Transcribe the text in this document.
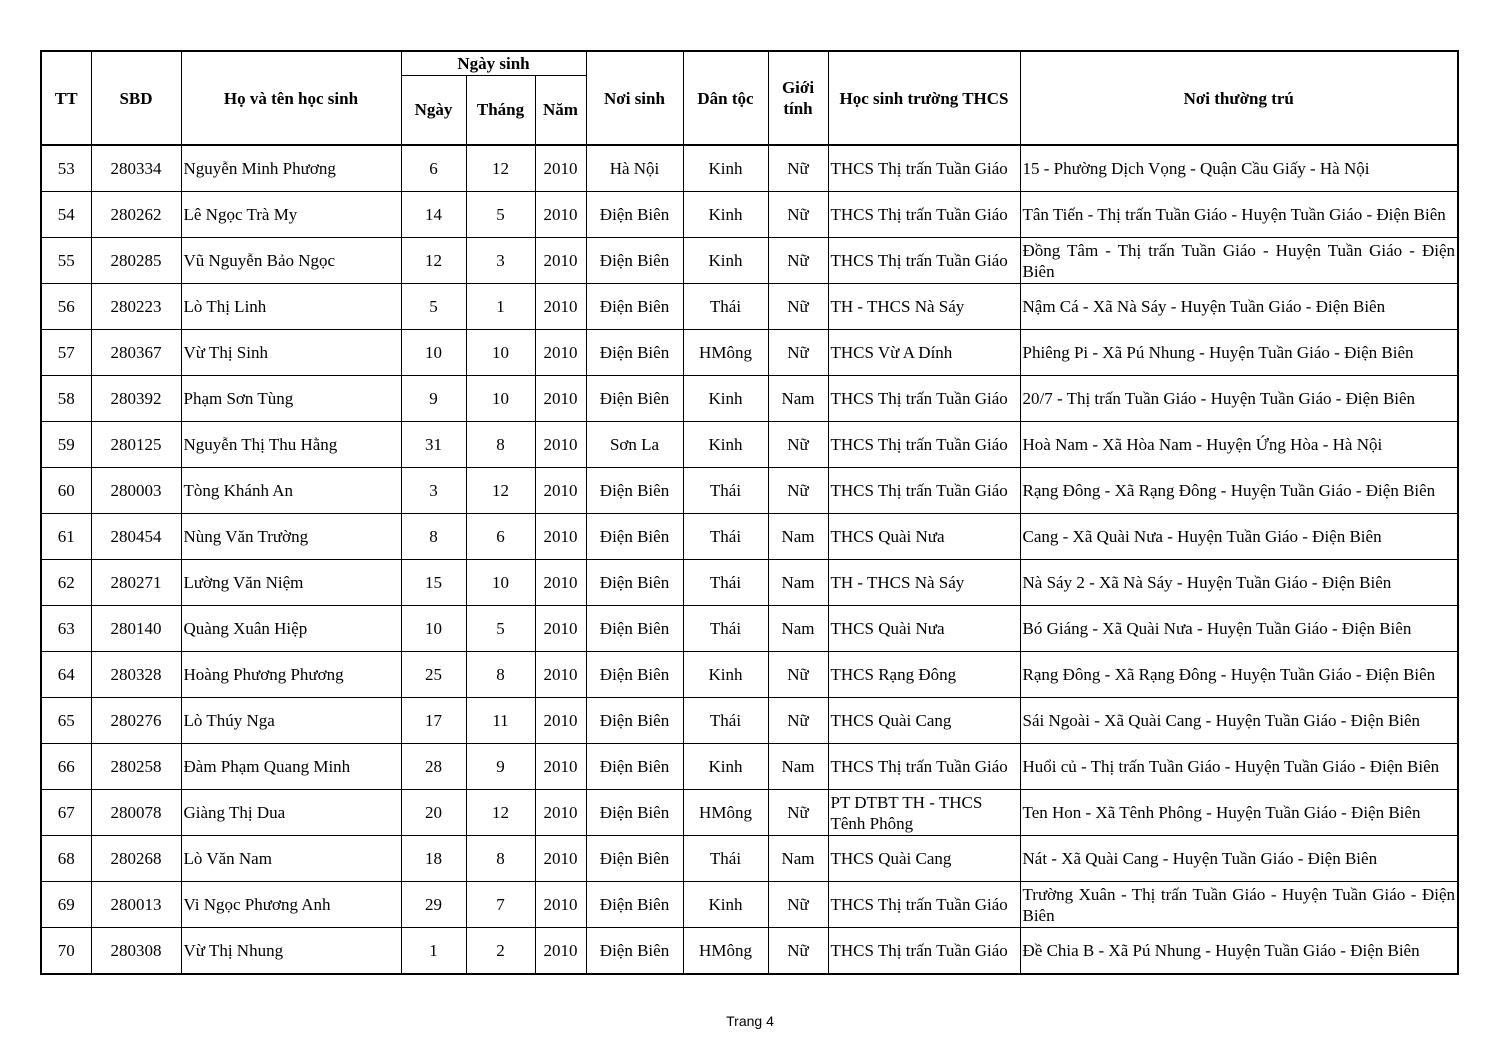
TT	SBD	Họ và tên học sinh	Ngày sinh			Nơi sinh	Dân tộc	Giới tính	Học sinh trường THCS	Nơi thường trú
			Ngày	Tháng	Năm					
53	280334	Nguyễn Minh Phương	6	12	2010	Hà Nội	Kinh	Nữ	THCS Thị trấn Tuần Giáo	15 - Phường Dịch Vọng - Quận Cầu Giấy - Hà Nội
54	280262	Lê Ngọc Trà My	14	5	2010	Điện Biên	Kinh	Nữ	THCS Thị trấn Tuần Giáo	Tân Tiến - Thị trấn Tuần Giáo - Huyện Tuần Giáo - Điện Biên
55	280285	Vũ Nguyễn Bảo Ngọc	12	3	2010	Điện Biên	Kinh	Nữ	THCS Thị trấn Tuần Giáo	Đồng Tâm - Thị trấn Tuần Giáo - Huyện Tuần Giáo - Điện Biên
56	280223	Lò Thị Linh	5	1	2010	Điện Biên	Thái	Nữ	TH - THCS Nà Sáy	Nậm Cá - Xã Nà Sáy - Huyện Tuần Giáo - Điện Biên
57	280367	Vừ Thị Sinh	10	10	2010	Điện Biên	HMông	Nữ	THCS Vừ A Dính	Phiêng Pi - Xã Pú Nhung - Huyện Tuần Giáo - Điện Biên
58	280392	Phạm Sơn Tùng	9	10	2010	Điện Biên	Kinh	Nam	THCS Thị trấn Tuần Giáo	20/7 - Thị trấn Tuần Giáo - Huyện Tuần Giáo - Điện Biên
59	280125	Nguyễn Thị Thu Hằng	31	8	2010	Sơn La	Kinh	Nữ	THCS Thị trấn Tuần Giáo	Hoà Nam - Xã Hòa Nam - Huyện Ứng Hòa - Hà Nội
60	280003	Tòng Khánh An	3	12	2010	Điện Biên	Thái	Nữ	THCS Thị trấn Tuần Giáo	Rạng Đông - Xã Rạng Đông - Huyện Tuần Giáo - Điện Biên
61	280454	Nùng Văn Trường	8	6	2010	Điện Biên	Thái	Nam	THCS Quài Nưa	Cang - Xã Quài Nưa - Huyện Tuần Giáo - Điện Biên
62	280271	Lường Văn Niệm	15	10	2010	Điện Biên	Thái	Nam	TH - THCS Nà Sáy	Nà Sáy 2 - Xã Nà Sáy - Huyện Tuần Giáo - Điện Biên
63	280140	Quàng Xuân Hiệp	10	5	2010	Điện Biên	Thái	Nam	THCS Quài Nưa	Bó Giáng - Xã Quài Nưa - Huyện Tuần Giáo - Điện Biên
64	280328	Hoàng Phương Phương	25	8	2010	Điện Biên	Kinh	Nữ	THCS Rạng Đông	Rạng Đông - Xã Rạng Đông - Huyện Tuần Giáo - Điện Biên
65	280276	Lò Thúy Nga	17	11	2010	Điện Biên	Thái	Nữ	THCS Quài Cang	Sái Ngoài - Xã Quài Cang - Huyện Tuần Giáo - Điện Biên
66	280258	Đàm Phạm Quang Minh	28	9	2010	Điện Biên	Kinh	Nam	THCS Thị trấn Tuần Giáo	Huổi củ - Thị trấn Tuần Giáo - Huyện Tuần Giáo - Điện Biên
67	280078	Giàng Thị Dua	20	12	2010	Điện Biên	HMông	Nữ	PT DTBT TH - THCS Tênh Phông	Ten Hon - Xã Tênh Phông - Huyện Tuần Giáo - Điện Biên
68	280268	Lò Văn Nam	18	8	2010	Điện Biên	Thái	Nam	THCS Quài Cang	Nát - Xã Quài Cang - Huyện Tuần Giáo - Điện Biên
69	280013	Vi Ngọc Phương Anh	29	7	2010	Điện Biên	Kinh	Nữ	THCS Thị trấn Tuần Giáo	Trường Xuân - Thị trấn Tuần Giáo - Huyện Tuần Giáo - Điện Biên
70	280308	Vừ Thị Nhung	1	2	2010	Điện Biên	HMông	Nữ	THCS Thị trấn Tuần Giáo	Đề Chia B - Xã Pú Nhung - Huyện Tuần Giáo - Điện Biên
Trang 4
